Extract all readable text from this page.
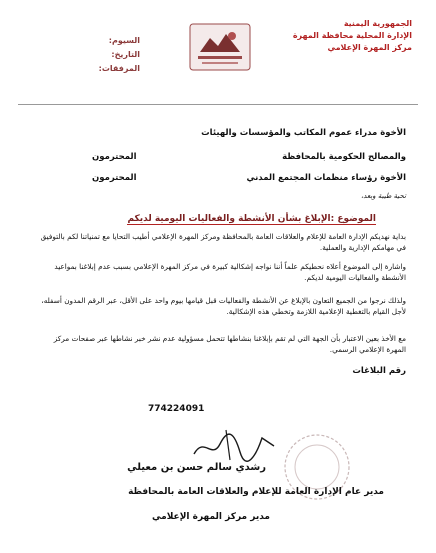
الجمهورية اليمنية
الإدارة المحلية محافظة المهرة
مركز المهرة الإعلامي
السيوم:
التاريخ:
المرفقات:
الأخوة مدراء عموم المكاتب والمؤسسات والهيئات
والمصالح الحكومية بالمحافظة
المحترمون
الأخوة رؤساء منظمات المجتمع المدني
المحترمون
تحية طيبة وبعد،
الموضوع :الإبلاغ بشأن الأنشطة والفعاليات اليومية لديكم
بداية نهديكم الإدارة العامة للإعلام والعلاقات العامة بالمحافظة ومركز المهرة الإعلامي أطيب التحايا مع تمنياتنا لكم بالتوفيق في مهامكم الإدارية والعملية.
واشارة إلى الموضوع أعلاه نحطيكم علماً أننا نواجه إشكالية كبيرة في مركز المهرة الإعلامي بسبب عدم إبلاغنا بمواعيد الأنشطة والفعاليات اليومية لديكم.
ولذلك نرجوا من الجميع التعاون بالإبلاغ عن الأنشطة والفعاليات قبل قيامها بيوم واحد على الأقل، عبر الرقم المدون أسفله، لأجل القيام بالتغطية الإعلامية اللازمة وتخطي هذه الإشكالية.
مع الأخذ بعين الاعتبار بأن الجهة التي لم تقم بإبلاغنا بنشاطها تتحمل مسؤولية عدم نشر خبر نشاطها عبر صفحات مركز المهرة الإعلامي الرسمي.
رقم البلاغات
774224091
رشدي سالم حسن بن معيلي
مدير عام الإدارة العامة للإعلام والعلاقات العامة بالمحافظة
مدير مركز المهرة الإعلامي
